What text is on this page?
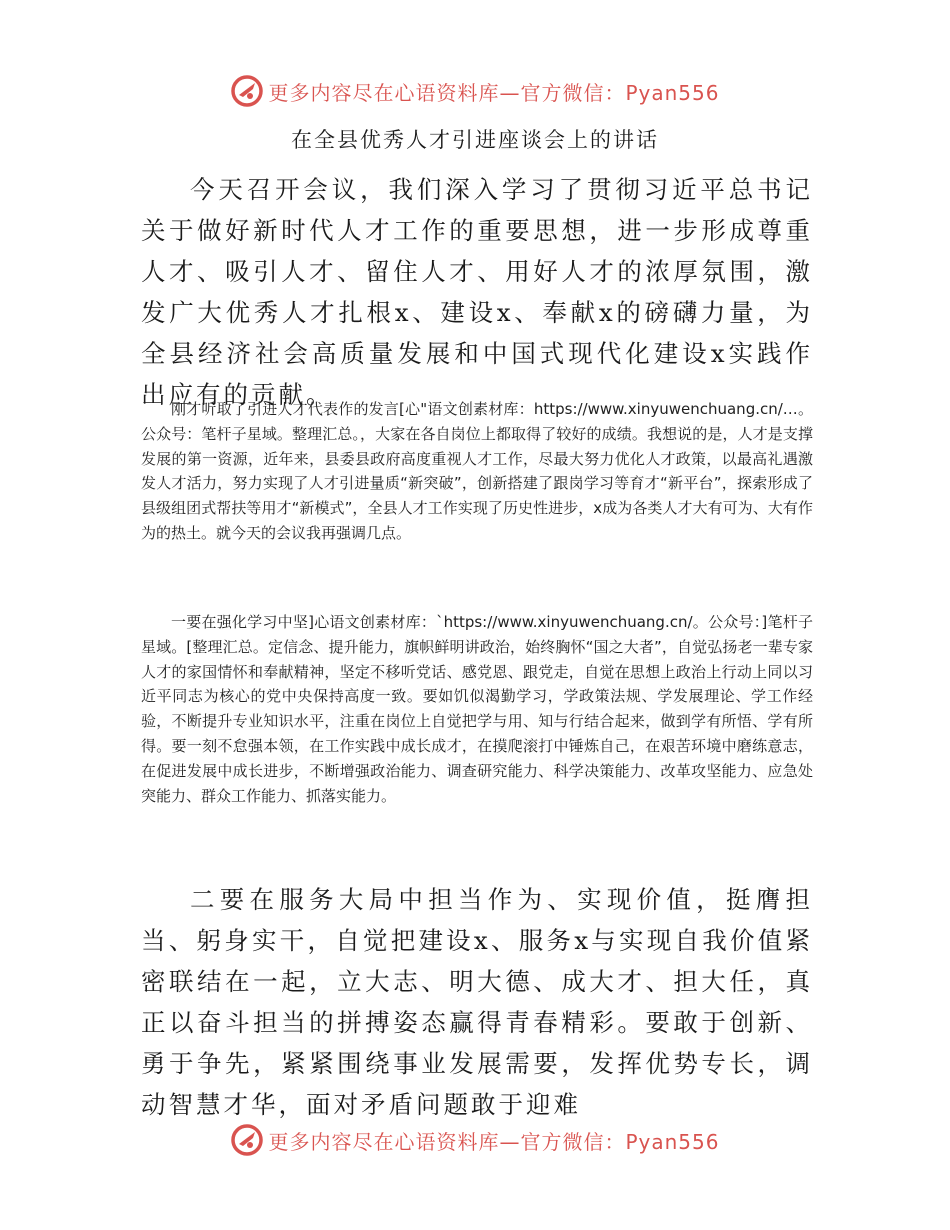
更多内容尽在心语资料库—官方微信：Pyan556
在全县优秀人才引进座谈会上的讲话

今天召开会议，我们深入学习了贯彻习近平总书记关于做好新时代人才工作的重要思想，进一步形成尊重人才、吸引人才、留住人才、用好人才的浓厚氛围，激发广大优秀人才扎根x、建设x、奉献x的磅礴力量，为全县经济社会高质量发展和中国式现代化建设x实践作出应有的贡献。

刚才听取了引进人才代表作的发言[心"语文创素材库：https://www.xinyuwenchuang.cn/…。公众号：笔杆子星域。整理汇总。，大家在各自岗位上都取得了较好的成绩。我想说的是，人才是支撑发展的第一资源，近年来，县委县政府高度重视人才工作，尽最大努力优化人才政策，以最高礼遇激发人才活力，努力实现了人才引进量质“新突破”，创新搭建了跟岗学习等育才“新平台”，探索形成了县级组团式帮扶等用才“新模式”，全县人才工作实现了历史性进步，x成为各类人才大有可为、大有作为的热土。就今天的会议我再强调几点。

一要在强化学习中坚]心语文创素材库：`https://www.xinyuwenchuang.cn/。公众号：]笔杆子星域。[整理汇总。定信念、提升能力，旗帜鲜明讲政治，始终胸怀“国之大者”，自觉弘扬老一辈专家人才的家国情怀和奉献精神，坚定不移听党话、感党恩、跟党走，自觉在思想上政治上行动上同以习近平同志为核心的党中央保持高度一致。要如饥似渴勤学习，学政策法规、学发展理论、学工作经验，不断提升专业知识水平，注重在岗位上自觉把学与用、知与行结合起来，做到学有所悟、学有所得。要一刻不怠强本领，在工作实践中成长成才，在摸爬滚打中锤炼自己，在艰苦环境中磨练意志，在促进发展中成长进步，不断增强政治能力、调查研究能力、科学决策能力、改革攻坚能力、应急处突能力、群众工作能力、抓落实能力。

二要在服务大局中担当作为、实现价值，挺膺担当、躬身实干，自觉把建设x、服务x与实现自我价值紧密联结在一起，立大志、明大德、成大才、担大任，真正以奋斗担当的拼搏姿态赢得青春精彩。要敢于创新、勇于争先，紧紧围绕事业发展需要，发挥优势专长，调动智慧才华，面对矛盾问题敢于迎难

更多内容尽在心语资料库—官方微信：Pyan556
